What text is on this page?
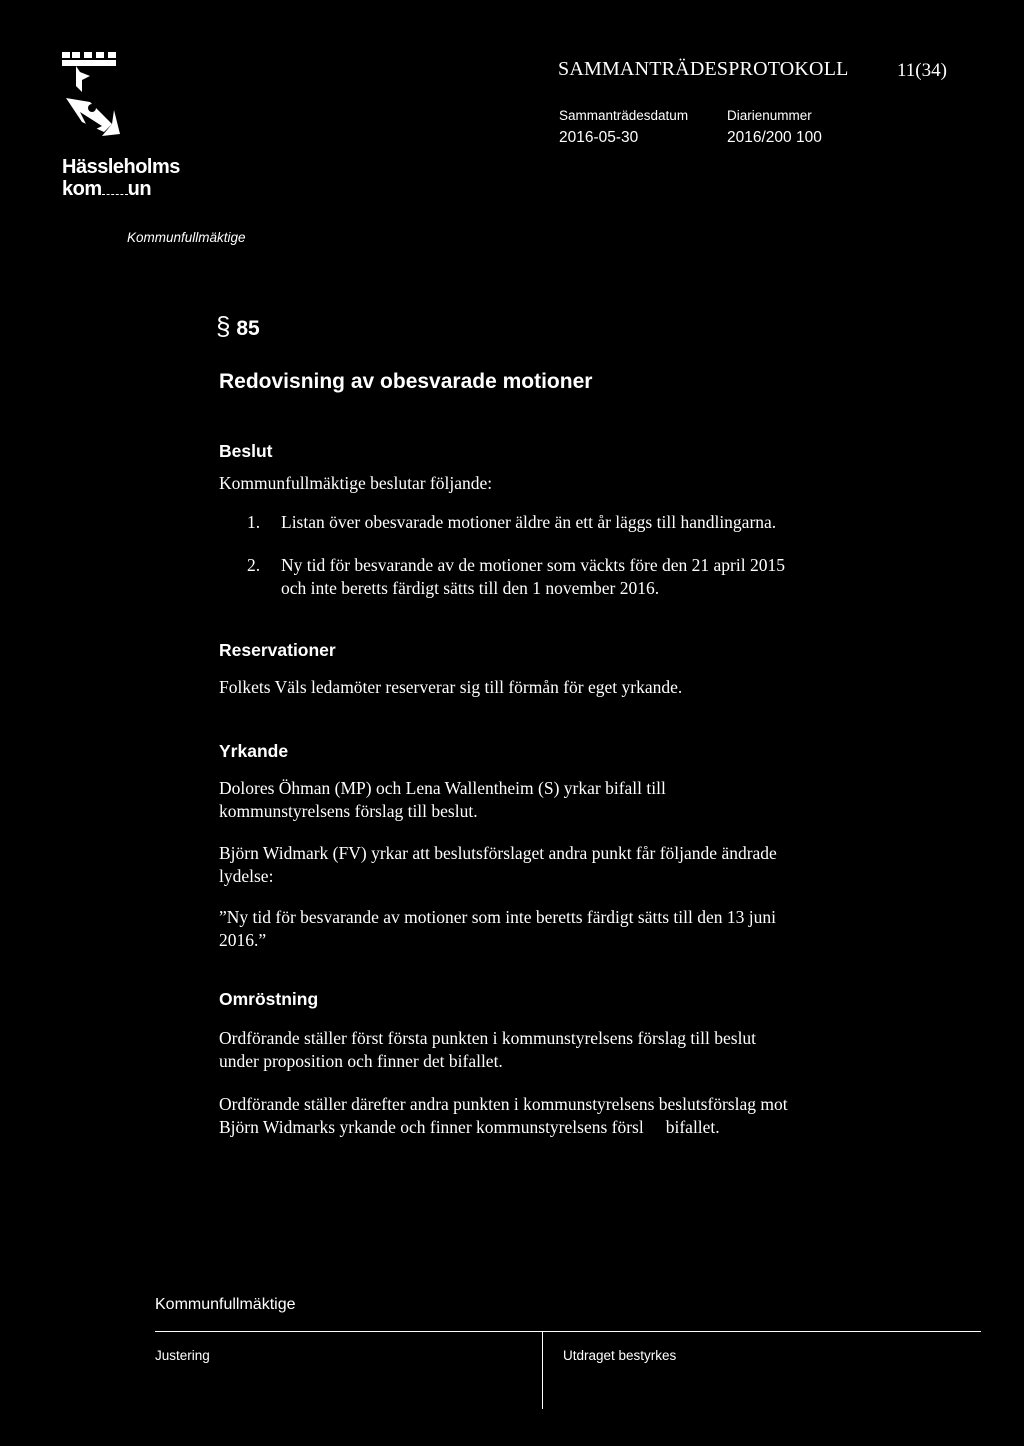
Hässleholms
kom un
SAMMANTRÄDESPROTOKOLL	11(34)
Sammanträdesdatum
2016-05-30
Diarienummer
2016/200 100
Kommunfullmäktige
§ 85
Redovisning av obesvarade motioner
Beslut
Kommunfullmäktige beslutar följande:
1. Listan över obesvarade motioner äldre än ett år läggs till handlingarna.
2. Ny tid för besvarande av de motioner som väckts före den 21 april 2015
och inte beretts färdigt sätts till den 1 november 2016.
Reservationer
Folkets Väls ledamöter reserverar sig till förmån för eget yrkande.
Yrkande
Dolores Öhman (MP) och Lena Wallentheim (S) yrkar bifall till
kommunstyrelsens förslag till beslut.
Björn Widmark (FV) yrkar att beslutsförslaget andra punkt får följande ändrade
lydelse:
”Ny tid för besvarande av motioner som inte beretts färdigt sätts till den 13 juni
2016.”
Omröstning
Ordförande ställer först första punkten i kommunstyrelsens förslag till beslut
under proposition och finner det bifallet.
Ordförande ställer därefter andra punkten i kommunstyrelsens beslutsförslag mot
Björn Widmarks yrkande och finner kommunstyrelsens försl bifallet.
Kommunfullmäktige
Justering	Utdraget bestyrkes
